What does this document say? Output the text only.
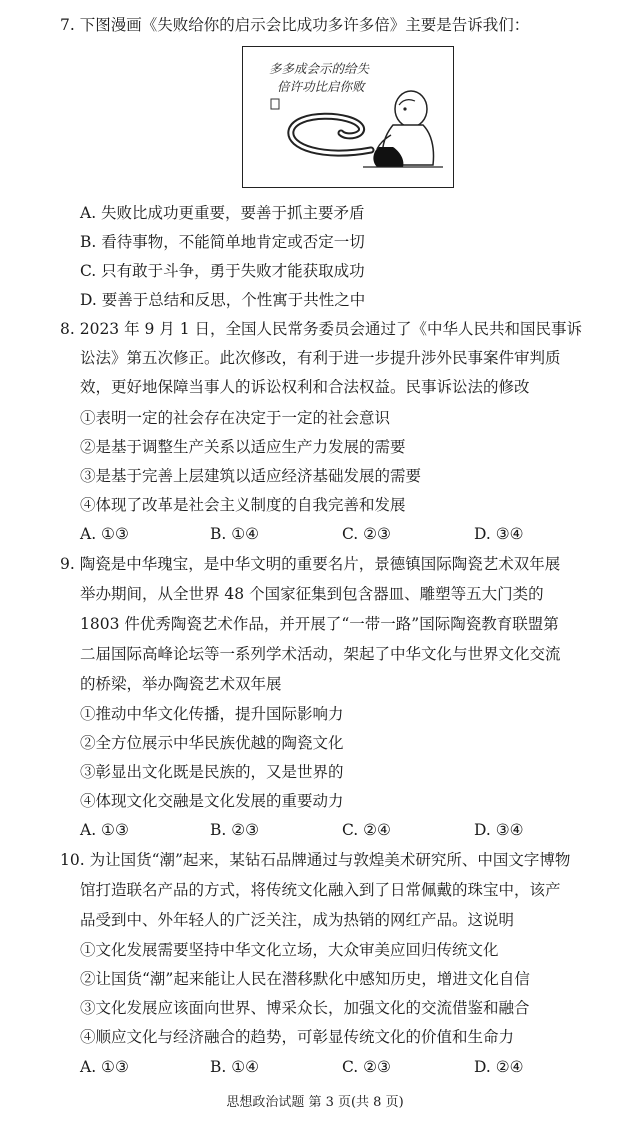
7. 下图漫画《失败给你的启示会比成功多许多倍》主要是告诉我们：
多多成会示的给失
倍许功比启你败
A. 失败比成功更重要，要善于抓主要矛盾
B. 看待事物，不能简单地肯定或否定一切
C. 只有敢于斗争，勇于失败才能获取成功
D. 要善于总结和反思，个性寓于共性之中
8. 2023 年 9 月 1 日，全国人民常务委员会通过了《中华人民共和国民事诉
讼法》第五次修正。此次修改，有利于进一步提升涉外民事案件审判质
效，更好地保障当事人的诉讼权利和合法权益。民事诉讼法的修改
①表明一定的社会存在决定于一定的社会意识
②是基于调整生产关系以适应生产力发展的需要
③是基于完善上层建筑以适应经济基础发展的需要
④体现了改革是社会主义制度的自我完善和发展
A. ①③	B. ①④	C. ②③	D. ③④
9. 陶瓷是中华瑰宝，是中华文明的重要名片，景德镇国际陶瓷艺术双年展
举办期间，从全世界 48 个国家征集到包含器皿、雕塑等五大门类的
1803 件优秀陶瓷艺术作品，并开展了“一带一路”国际陶瓷教育联盟第
二届国际高峰论坛等一系列学术活动，架起了中华文化与世界文化交流
的桥梁，举办陶瓷艺术双年展
①推动中华文化传播，提升国际影响力
②全方位展示中华民族优越的陶瓷文化
③彰显出文化既是民族的，又是世界的
④体现文化交融是文化发展的重要动力
A. ①③	B. ②③	C. ②④	D. ③④
10. 为让国货“潮”起来，某钻石品牌通过与敦煌美术研究所、中国文字博物
馆打造联名产品的方式，将传统文化融入到了日常佩戴的珠宝中，该产
品受到中、外年轻人的广泛关注，成为热销的网红产品。这说明
①文化发展需要坚持中华文化立场，大众审美应回归传统文化
②让国货“潮”起来能让人民在潜移默化中感知历史，增进文化自信
③文化发展应该面向世界、博采众长，加强文化的交流借鉴和融合
④顺应文化与经济融合的趋势，可彰显传统文化的价值和生命力
A. ①③	B. ①④	C. ②③	D. ②④
思想政治试题 第 3 页(共 8 页)
